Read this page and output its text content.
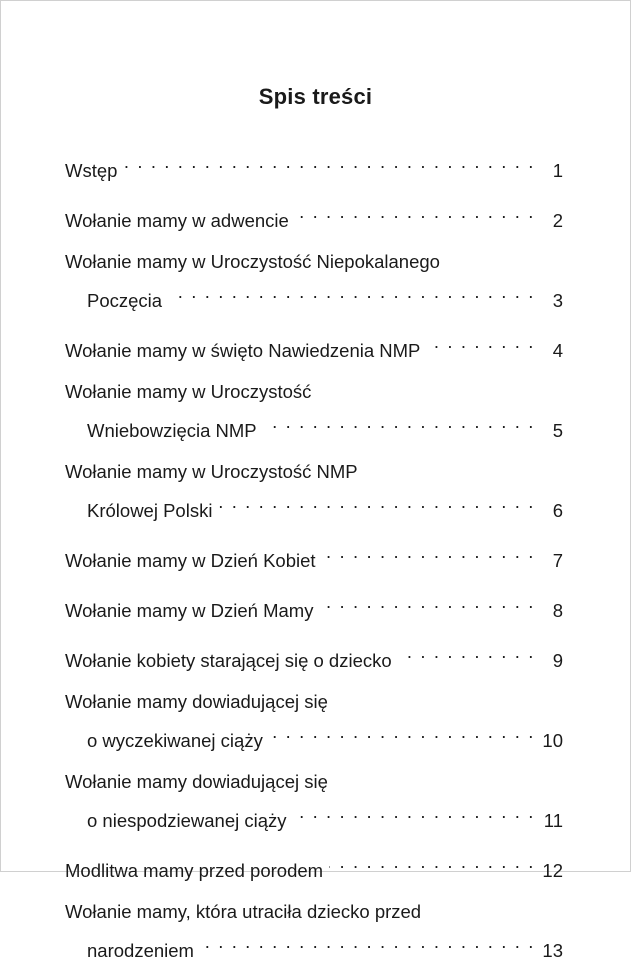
Spis treści
Wstęp . . .	1
Wołanie mamy w adwencie . . .	2
Wołanie mamy w Uroczystość Niepokalanego
Poczęcia . . .	3
Wołanie mamy w święto Nawiedzenia NMP . . .	4
Wołanie mamy w Uroczystość
Wniebowzięcia NMP . . .	5
Wołanie mamy w Uroczystość NMP
Królowej Polski . . .	6
Wołanie mamy w Dzień Kobiet . . .	7
Wołanie mamy w Dzień Mamy . . .	8
Wołanie kobiety starającej się o dziecko . . .	9
Wołanie mamy dowiadującej się
o wyczekiwanej ciąży . . .	10
Wołanie mamy dowiadującej się
o niespodziewanej ciąży . . .	11
Modlitwa mamy przed porodem . . .	12
Wołanie mamy, która utraciła dziecko przed
narodzeniem . . .	13
